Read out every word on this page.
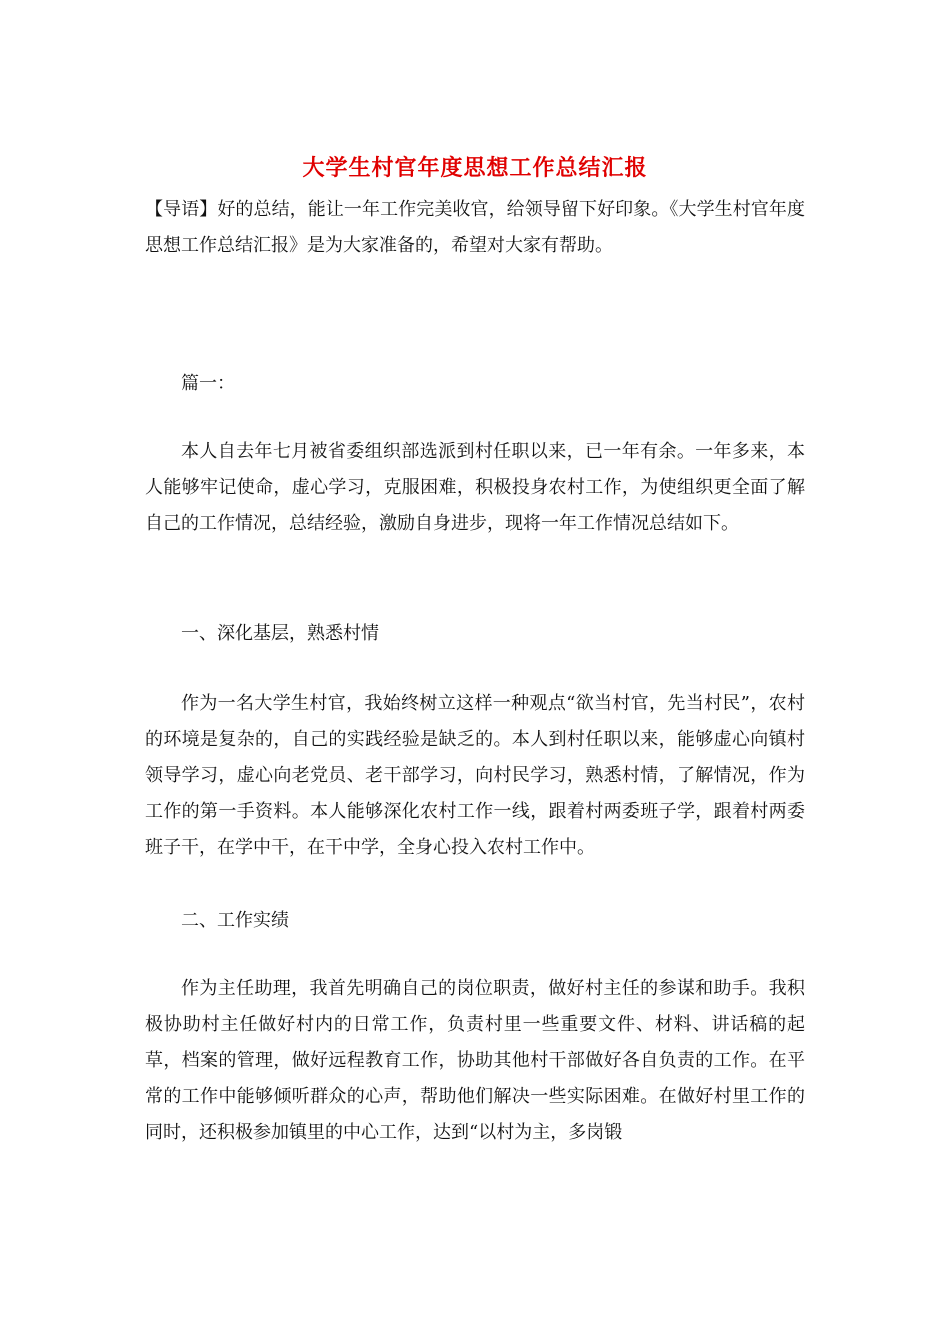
大学生村官年度思想工作总结汇报
【导语】好的总结，能让一年工作完美收官，给领导留下好印象。《大学生村官年度思想工作总结汇报》是为大家准备的，希望对大家有帮助。
篇一：
本人自去年七月被省委组织部选派到村任职以来，已一年有余。一年多来，本人能够牢记使命，虚心学习，克服困难，积极投身农村工作，为使组织更全面了解自己的工作情况，总结经验，激励自身进步，现将一年工作情况总结如下。
一、深化基层，熟悉村情
作为一名大学生村官，我始终树立这样一种观点“欲当村官，先当村民”，农村的环境是复杂的，自己的实践经验是缺乏的。本人到村任职以来，能够虚心向镇村领导学习，虚心向老党员、老干部学习，向村民学习，熟悉村情，了解情况，作为工作的第一手资料。本人能够深化农村工作一线，跟着村两委班子学，跟着村两委班子干，在学中干，在干中学，全身心投入农村工作中。
二、工作实绩
作为主任助理，我首先明确自己的岗位职责，做好村主任的参谋和助手。我积极协助村主任做好村内的日常工作，负责村里一些重要文件、材料、讲话稿的起草，档案的管理，做好远程教育工作，协助其他村干部做好各自负责的工作。在平常的工作中能够倾听群众的心声，帮助他们解决一些实际困难。在做好村里工作的同时，还积极参加镇里的中心工作，达到“以村为主，多岗锻
